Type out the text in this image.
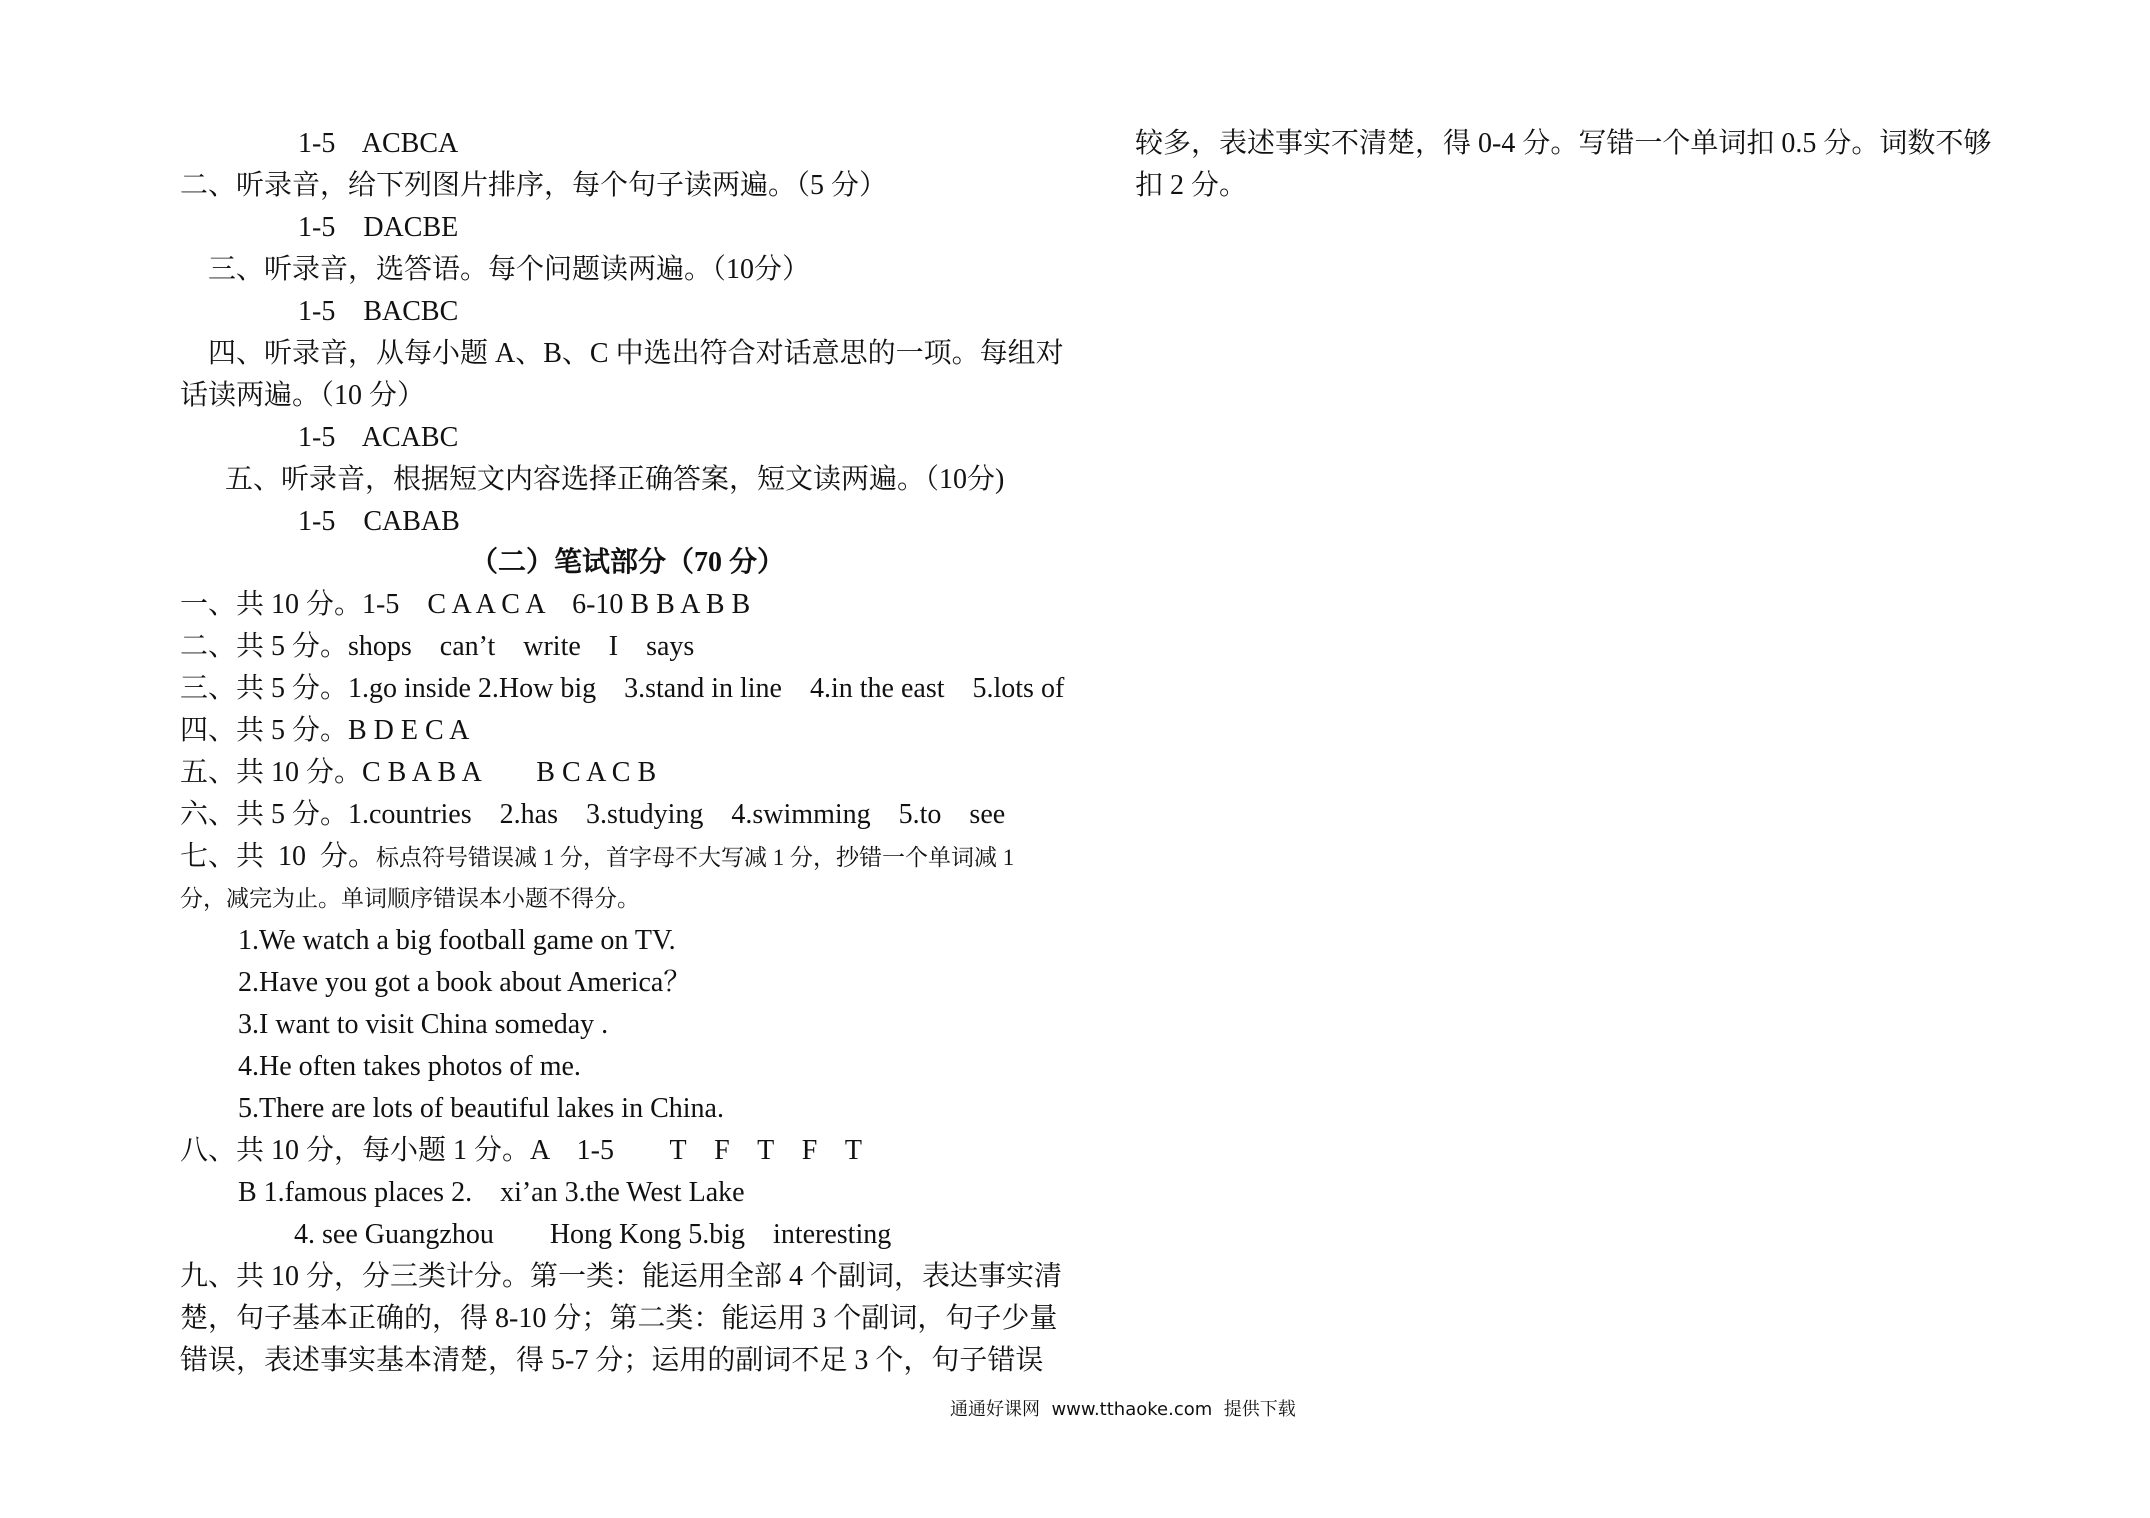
1-5    ACBCA
二、听录音，给下列图片排序，每个句子读两遍。（5 分）
1-5    DACBE
三、听录音，选答语。每个问题读两遍。（10分）
1-5    BACBC
四、听录音，从每小题 A、B、C 中选出符合对话意思的一项。每组对
话读两遍。（10 分）
1-5    ACABC
五、听录音，根据短文内容选择正确答案，短文读两遍。（10分)
1-5    CABAB
（二）笔试部分（70 分）
一、共 10 分。1-5    C A A C A    6-10 B B A B B
二、共 5 分。shops    can’t    write    I    says
三、共 5 分。1.go inside 2.How big    3.stand in line    4.in the east    5.lots of
四、共 5 分。B D E C A
五、共 10 分。C B A B A        B C A C B
六、共 5 分。1.countries    2.has    3.studying    4.swimming    5.to    see
七、共  10  分。标点符号错误减 1 分，首字母不大写减 1 分，抄错一个单词减 1
分，减完为止。单词顺序错误本小题不得分。
1.We watch a big football game on TV.
2.Have you got a book about America？
3.I want to visit China someday .
4.He often takes photos of me.
5.There are lots of beautiful lakes in China.
八、共 10 分，每小题 1 分。A    1-5        T    F    T    F    T
B 1.famous places 2.    xi’an 3.the West Lake
4. see Guangzhou        Hong Kong 5.big    interesting
九、共 10 分，分三类计分。第一类：能运用全部 4 个副词，表达事实清
楚，句子基本正确的，得 8-10 分；第二类：能运用 3 个副词，句子少量
错误，表述事实基本清楚，得 5-7 分；运用的副词不足 3 个，句子错误
较多，表述事实不清楚，得 0-4 分。写错一个单词扣 0.5 分。词数不够
扣 2 分。
通通好课网  www.tthaoke.com  提供下载
